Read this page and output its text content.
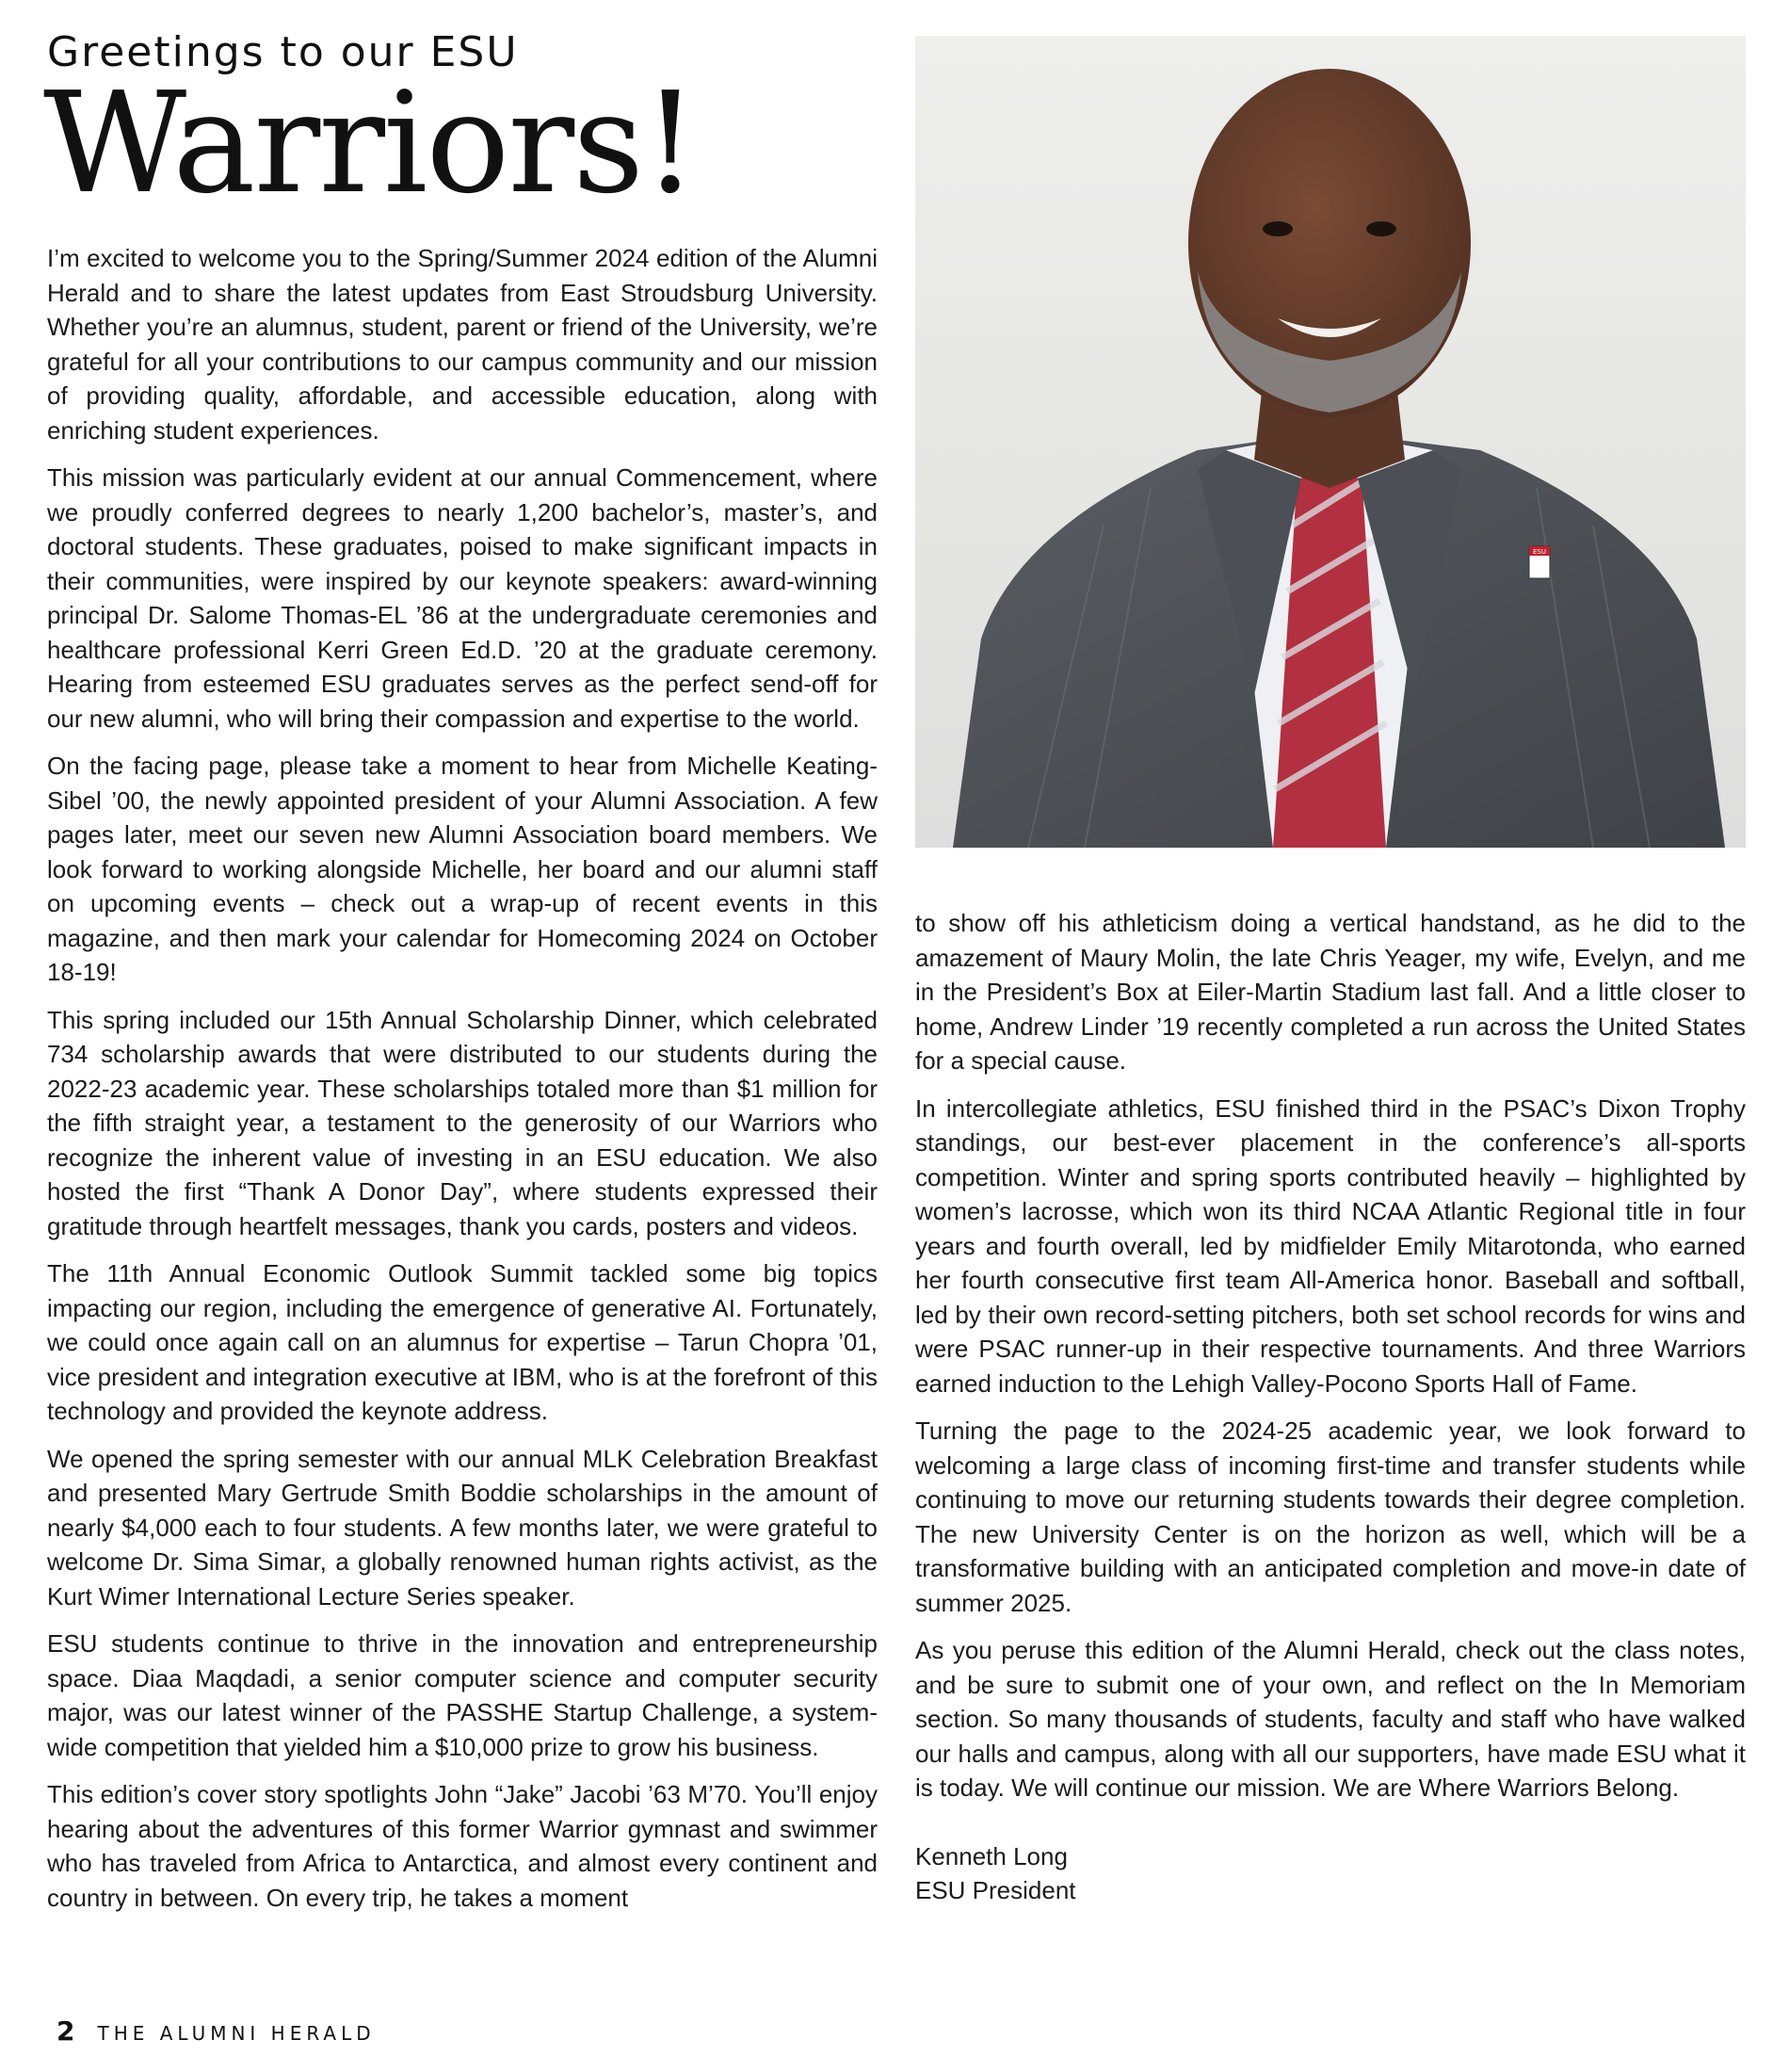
Greetings to our ESU
Warriors!
ESU

I’m excited to welcome you to the Spring/Summer 2024 edition of the Alumni Herald and to share the latest updates from East Stroudsburg University. Whether you’re an alumnus, student, parent or friend of the University, we’re grateful for all your contributions to our campus community and our mission of providing quality, affordable, and accessible education, along with enriching student experiences.

This mission was particularly evident at our annual Commencement, where we proudly conferred degrees to nearly 1,200 bachelor’s, master’s, and doctoral students. These graduates, poised to make significant impacts in their communities, were inspired by our keynote speakers: award-winning principal Dr. Salome Thomas-EL ’86 at the undergraduate ceremonies and healthcare professional Kerri Green Ed.D. ’20 at the graduate ceremony. Hearing from esteemed ESU graduates serves as the perfect send-off for our new alumni, who will bring their compassion and expertise to the world.

On the facing page, please take a moment to hear from Michelle Keating-Sibel ’00, the newly appointed president of your Alumni Association. A few pages later, meet our seven new Alumni Association board members. We look forward to working alongside Michelle, her board and our alumni staff on upcoming events – check out a wrap-up of recent events in this magazine, and then mark your calendar for Homecoming 2024 on October 18-19!

This spring included our 15th Annual Scholarship Dinner, which celebrated 734 scholarship awards that were distributed to our students during the 2022-23 academic year. These scholarships totaled more than $1 million for the fifth straight year, a testament to the generosity of our Warriors who recognize the inherent value of investing in an ESU education. We also hosted the first “Thank A Donor Day”, where students expressed their gratitude through heartfelt messages, thank you cards, posters and videos.

The 11th Annual Economic Outlook Summit tackled some big topics impacting our region, including the emergence of generative AI. Fortunately, we could once again call on an alumnus for expertise – Tarun Chopra ’01, vice president and integration executive at IBM, who is at the forefront of this technology and provided the keynote address.

We opened the spring semester with our annual MLK Celebration Breakfast and presented Mary Gertrude Smith Boddie scholarships in the amount of nearly $4,000 each to four students. A few months later, we were grateful to welcome Dr. Sima Simar, a globally renowned human rights activist, as the Kurt Wimer International Lecture Series speaker.

ESU students continue to thrive in the innovation and entrepreneurship space. Diaa Maqdadi, a senior computer science and computer security major, was our latest winner of the PASSHE Startup Challenge, a system-wide competition that yielded him a $10,000 prize to grow his business.

This edition’s cover story spotlights John “Jake” Jacobi ’63 M’70. You’ll enjoy hearing about the adventures of this former Warrior gymnast and swimmer who has traveled from Africa to Antarctica, and almost every continent and country in between. On every trip, he takes a moment

to show off his athleticism doing a vertical handstand, as he did to the amazement of Maury Molin, the late Chris Yeager, my wife, Evelyn, and me in the President’s Box at Eiler-Martin Stadium last fall. And a little closer to home, Andrew Linder ’19 recently completed a run across the United States for a special cause.

In intercollegiate athletics, ESU finished third in the PSAC’s Dixon Trophy standings, our best-ever placement in the conference’s all-sports competition. Winter and spring sports contributed heavily – highlighted by women’s lacrosse, which won its third NCAA Atlantic Regional title in four years and fourth overall, led by midfielder Emily Mitarotonda, who earned her fourth consecutive first team All-America honor. Baseball and softball, led by their own record-setting pitchers, both set school records for wins and were PSAC runner-up in their respective tournaments. And three Warriors earned induction to the Lehigh Valley-Pocono Sports Hall of Fame.

Turning the page to the 2024-25 academic year, we look forward to welcoming a large class of incoming first-time and transfer students while continuing to move our returning students towards their degree completion. The new University Center is on the horizon as well, which will be a transformative building with an anticipated completion and move-in date of summer 2025.

As you peruse this edition of the Alumni Herald, check out the class notes, and be sure to submit one of your own, and reflect on the In Memoriam section. So many thousands of students, faculty and staff who have walked our halls and campus, along with all our supporters, have made ESU what it is today. We will continue our mission. We are Where Warriors Belong.

Kenneth Long
ESU President
2 THE ALUMNI HERALD
